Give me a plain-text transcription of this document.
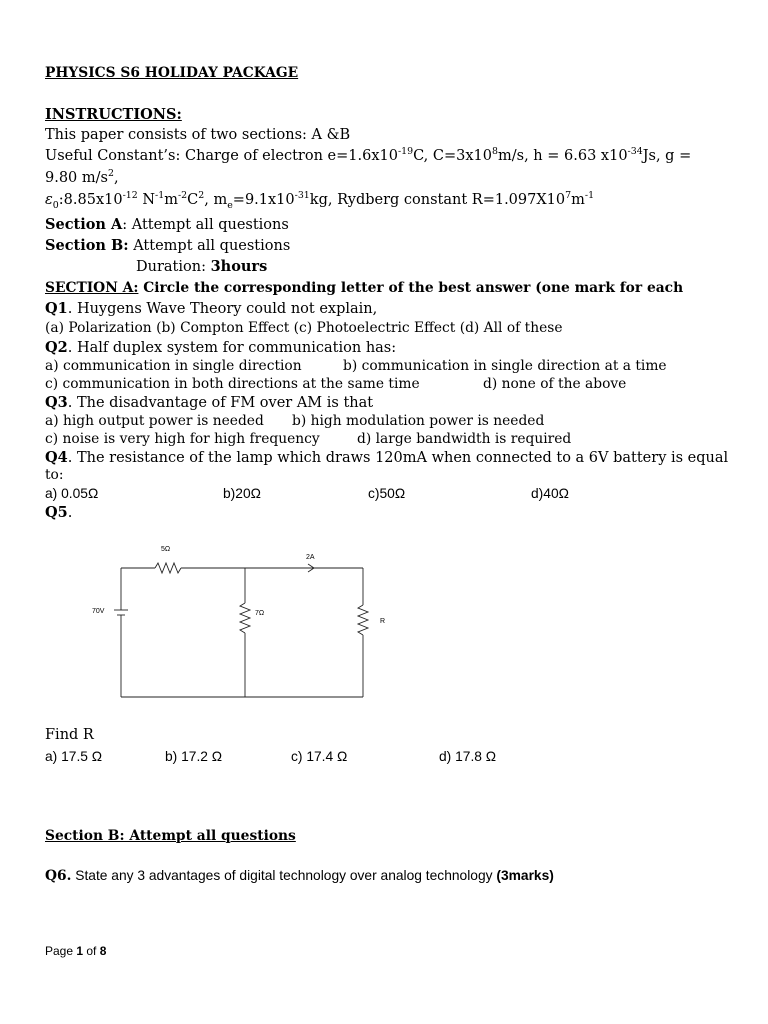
PHYSICS S6 HOLIDAY PACKAGE
INSTRUCTIONS:
This paper consists of two sections: A &B
Useful Constant’s: Charge of electron $e=1.6x10^{-19}C$, $C=3x10^8m/s$, h = 6.63 $x10^{-34}Js$, g =
9.80 $m/s^2$,
$\varepsilon_0:8.85x10^{-12}$ $N^{-1}m^{-2}C^2$, $m_e=9.1x10^{-31}kg$, Rydberg constant $R=1.097X10^7m^{-1}$
Section A: Attempt all questions
Section B: Attempt all questions
Duration: 3hours
SECTION A: Circle the corresponding letter of the best answer (one mark for each
Q1. Huygens Wave Theory could not explain,
(a) Polarization (b) Compton Effect (c) Photoelectric Effect (d) All of these
Q2. Half duplex system for communication has:
a) communication in single direction	b) communication in single direction at a time
c) communication in both directions at the same time	d) none of the above
Q3. The disadvantage of FM over AM is that
a) high output power is needed b) high modulation power is needed
c) noise is very high for high frequency	d) large bandwidth is required
Q4. The resistance of the lamp which draws 120mA when connected to a 6V battery is equal
to:
a) 0.05Ω	b)20Ω	c)50Ω	d)40Ω
Q5.
5Ω
2A
70V	7Ω
R
Find R
a) 17.5 Ω	b) 17.2 Ω	c) 17.4 Ω	d) 17.8 Ω
Section B: Attempt all questions
Q6. State any 3 advantages of digital technology over analog technology (3marks)
Page 1 of 8
